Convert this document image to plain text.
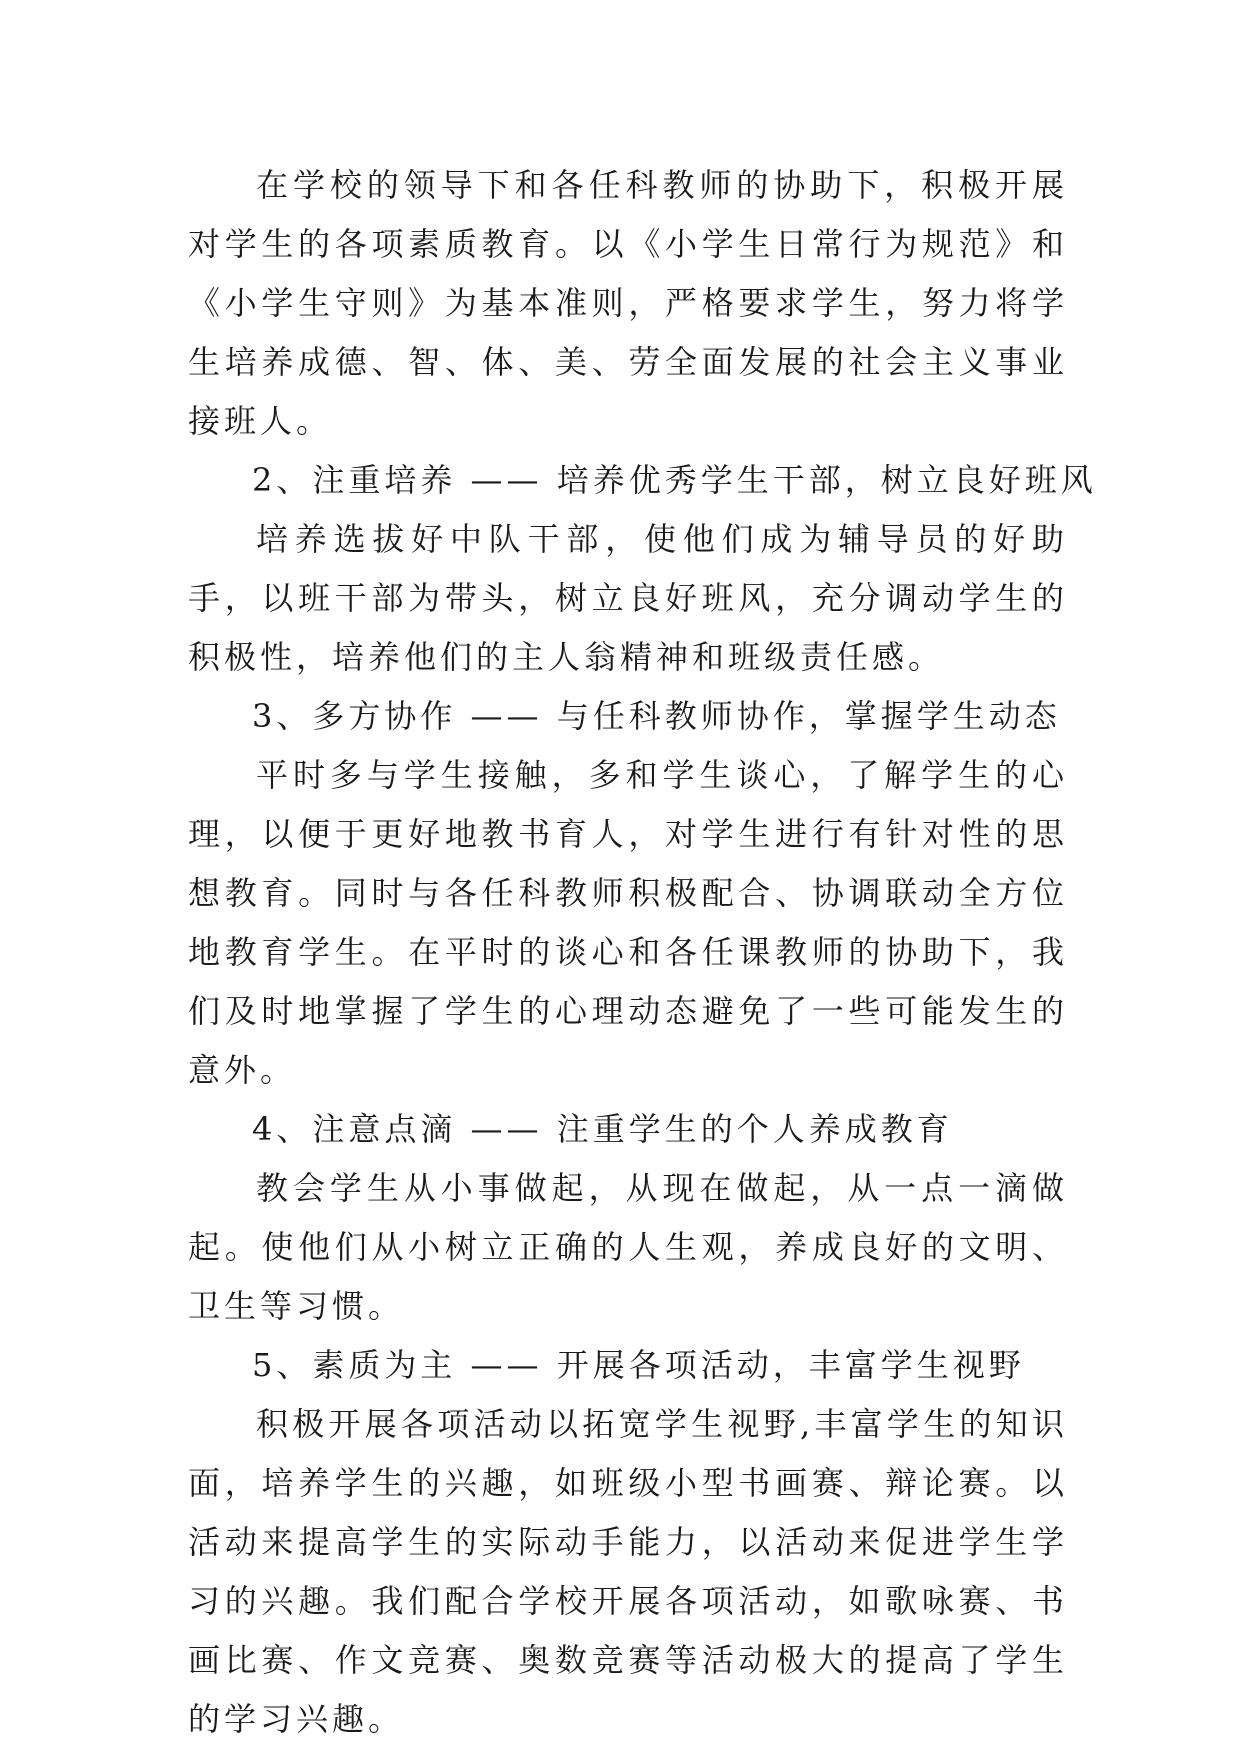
在学校的领导下和各任科教师的协助下，积极开展对学生的各项素质教育。以《小学生日常行为规范》和《小学生守则》为基本准则，严格要求学生，努力将学生培养成德、智、体、美、劳全面发展的社会主义事业接班人。

2、注重培养 —— 培养优秀学生干部，树立良好班风

培养选拔好中队干部，使他们成为辅导员的好助手，以班干部为带头，树立良好班风，充分调动学生的积极性，培养他们的主人翁精神和班级责任感。

3、多方协作 —— 与任科教师协作，掌握学生动态

平时多与学生接触，多和学生谈心，了解学生的心理，以便于更好地教书育人，对学生进行有针对性的思想教育。同时与各任科教师积极配合、协调联动全方位地教育学生。在平时的谈心和各任课教师的协助下，我们及时地掌握了学生的心理动态避免了一些可能发生的意外。

4、注意点滴 —— 注重学生的个人养成教育

教会学生从小事做起，从现在做起，从一点一滴做起。使他们从小树立正确的人生观，养成良好的文明、卫生等习惯。

5、素质为主 —— 开展各项活动，丰富学生视野

积极开展各项活动以拓宽学生视野,丰富学生的知识面，培养学生的兴趣，如班级小型书画赛、辩论赛。以活动来提高学生的实际动手能力，以活动来促进学生学习的兴趣。我们配合学校开展各项活动，如歌咏赛、书画比赛、作文竞赛、奥数竞赛等活动极大的提高了学生的学习兴趣。
